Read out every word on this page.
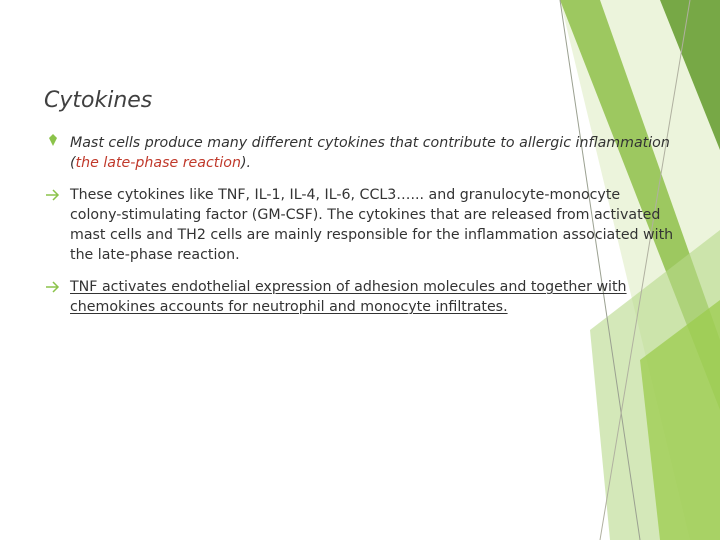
Cytokines
Mast cells produce many different cytokines that contribute to allergic inflammation (the late-phase reaction).
These cytokines like TNF, IL-1, IL-4, IL-6, CCL3…... and granulocyte-monocyte colony-stimulating factor (GM-CSF). The cytokines that are released from activated mast cells and TH2 cells are mainly responsible for the inflammation associated with the late-phase reaction.
TNF activates endothelial expression of adhesion molecules and together with chemokines accounts for neutrophil and monocyte infiltrates.
